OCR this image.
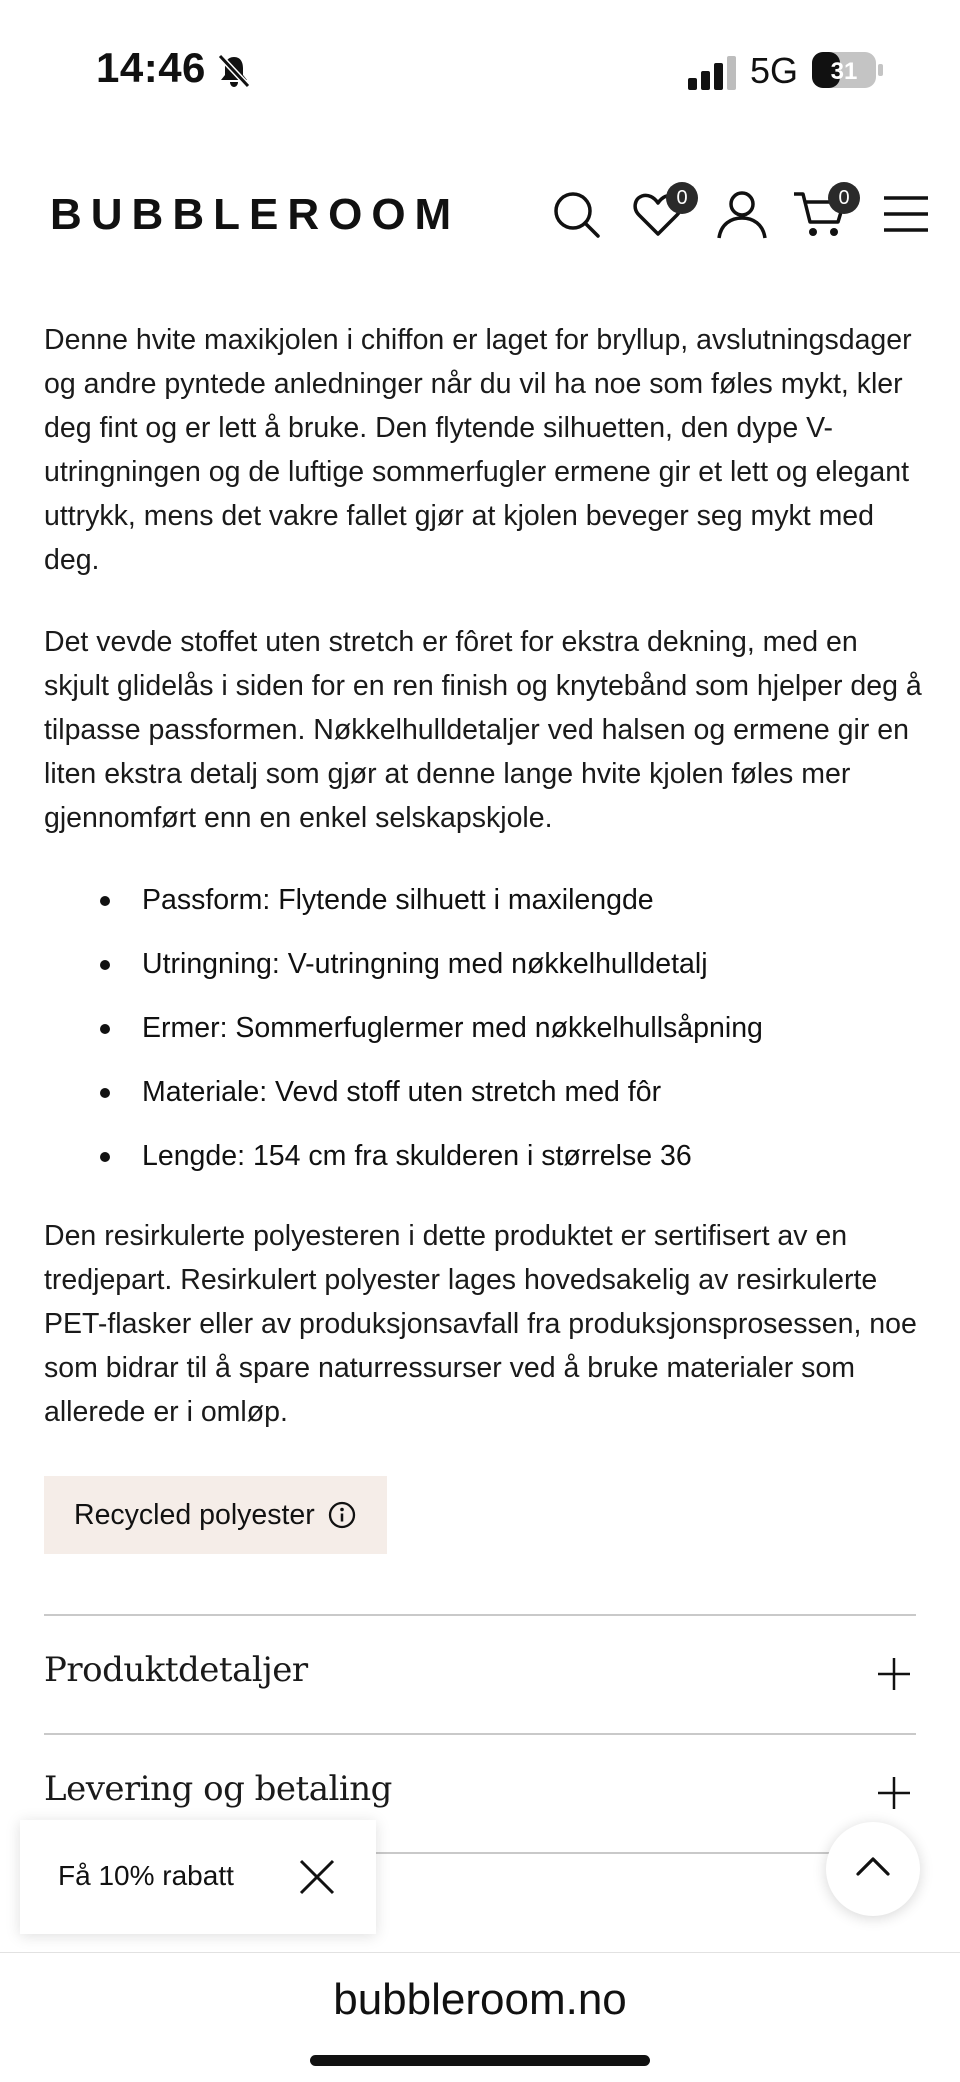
14:46	5G 31
BUBBLEROOM	0	0

Denne hvite maxikjolen i chiffon er laget for bryllup, avslutningsdager og andre pyntede anledninger når du vil ha noe som føles mykt, kler deg fint og er lett å bruke. Den flytende silhuetten, den dype V-utringningen og de luftige sommerfugler ermene gir et lett og elegant uttrykk, mens det vakre fallet gjør at kjolen beveger seg mykt med deg.

Det vevde stoffet uten stretch er fôret for ekstra dekning, med en skjult glidelås i siden for en ren finish og knytebånd som hjelper deg å tilpasse passformen. Nøkkelhulldetaljer ved halsen og ermene gir en liten ekstra detalj som gjør at denne lange hvite kjolen føles mer gjennomført enn en enkel selskapskjole.

Passform: Flytende silhuett i maxilengde
Utringning: V-utringning med nøkkelhulldetalj
Ermer: Sommerfuglermer med nøkkelhullsåpning
Materiale: Vevd stoff uten stretch med fôr
Lengde: 154 cm fra skulderen i størrelse 36

Den resirkulerte polyesteren i dette produktet er sertifisert av en tredjepart. Resirkulert polyester lages hovedsakelig av resirkulerte PET-flasker eller av produksjonsavfall fra produksjonsprosessen, noe som bidrar til å spare naturressurser ved å bruke materialer som allerede er i omløp.

Recycled polyester
Produktdetaljer
Levering og betaling
Få 10% rabatt
bubbleroom.no
